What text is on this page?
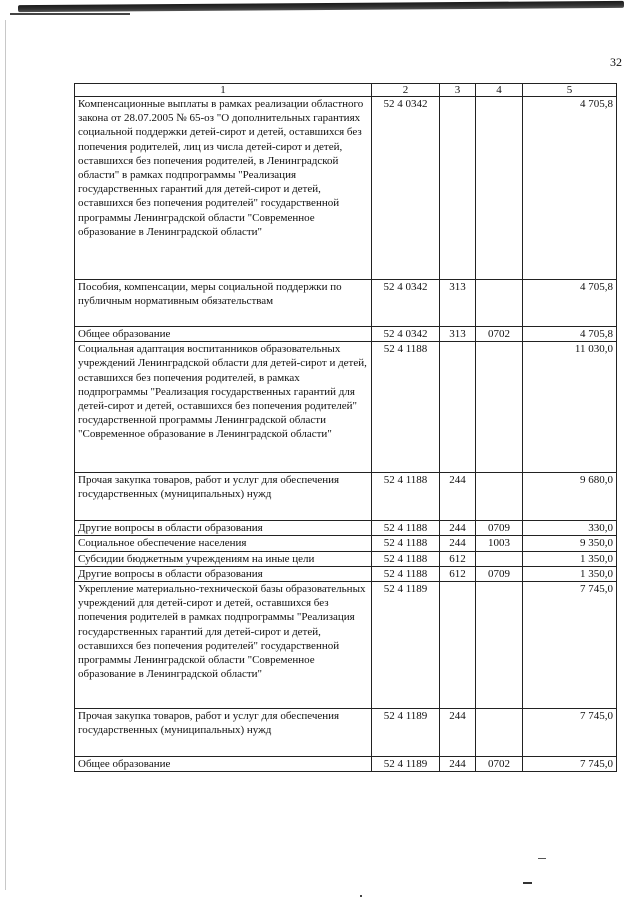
32
1	2	3	4	5
Компенсационные выплаты в рамках реализации областного закона от 28.07.2005 № 65-оз "О дополнительных гарантиях социальной поддержки детей-сирот и детей, оставшихся без попечения родителей, лиц из числа детей-сирот и детей, оставшихся без попечения родителей, в Ленинградской области" в рамках подпрограммы "Реализация государственных гарантий для детей-сирот и детей, оставшихся без попечения родителей" государственной программы Ленинградской области "Современное образование в Ленинградской области"	52 4 0342			4 705,8
Пособия, компенсации, меры социальной поддержки по публичным нормативным обязательствам	52 4 0342	313		4 705,8
Общее образование	52 4 0342	313	0702	4 705,8
Социальная адаптация воспитанников образовательных учреждений Ленинградской области для детей-сирот и детей, оставшихся без попечения родителей, в рамках подпрограммы "Реализация государственных гарантий для детей-сирот и детей, оставшихся без попечения родителей" государственной программы Ленинградской области "Современное образование в Ленинградской области"	52 4 1188			11 030,0
Прочая закупка товаров, работ и услуг для обеспечения государственных (муниципальных) нужд	52 4 1188	244		9 680,0
Другие вопросы в области образования	52 4 1188	244	0709	330,0
Социальное обеспечение населения	52 4 1188	244	1003	9 350,0
Субсидии бюджетным учреждениям на иные цели	52 4 1188	612		1 350,0
Другие вопросы в области образования	52 4 1188	612	0709	1 350,0
Укрепление материально-технической базы образовательных учреждений для детей-сирот и детей, оставшихся без попечения родителей в рамках подпрограммы "Реализация государственных гарантий для детей-сирот и детей, оставшихся без попечения родителей" государственной программы Ленинградской области "Современное образование в Ленинградской области"	52 4 1189			7 745,0
Прочая закупка товаров, работ и услуг для обеспечения государственных (муниципальных) нужд	52 4 1189	244		7 745,0
Общее образование	52 4 1189	244	0702	7 745,0
